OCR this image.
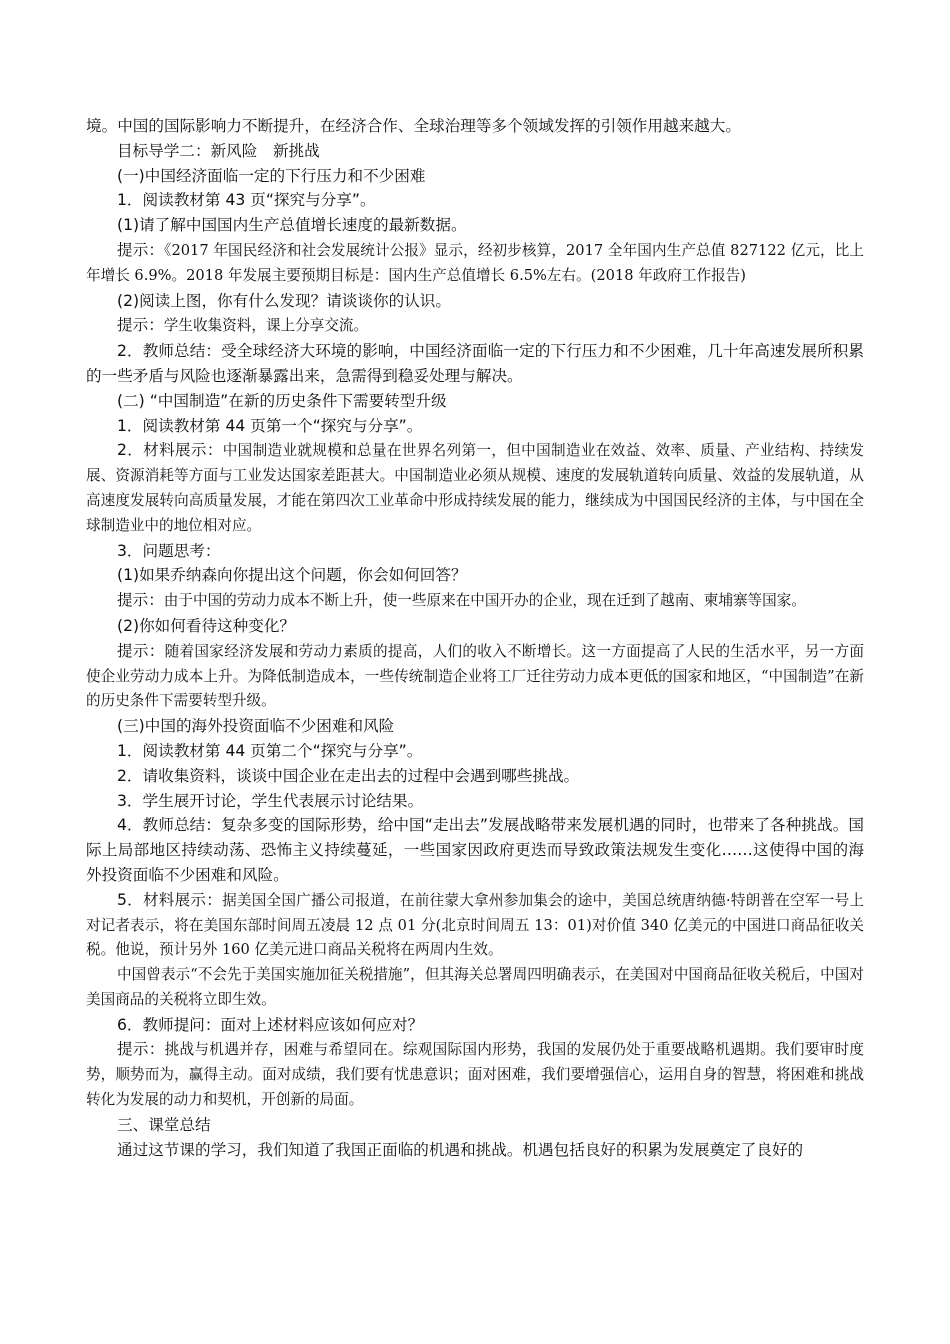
境。中国的国际影响力不断提升，在经济合作、全球治理等多个领域发挥的引领作用越来越大。

目标导学二：新风险　新挑战

(一)中国经济面临一定的下行压力和不少困难

1．阅读教材第 43 页“探究与分享”。

(1)请了解中国国内生产总值增长速度的最新数据。

提示：《2017 年国民经济和社会发展统计公报》显示，经初步核算，2017 全年国内生产总值 827122 亿元，比上年增长 6.9%。2018 年发展主要预期目标是：国内生产总值增长 6.5%左右。(2018 年政府工作报告)

(2)阅读上图，你有什么发现？请谈谈你的认识。

提示：学生收集资料，课上分享交流。

2．教师总结：受全球经济大环境的影响，中国经济面临一定的下行压力和不少困难，几十年高速发展所积累的一些矛盾与风险也逐渐暴露出来，急需得到稳妥处理与解决。

(二) “中国制造”在新的历史条件下需要转型升级

1．阅读教材第 44 页第一个“探究与分享”。

2．材料展示：中国制造业就规模和总量在世界名列第一，但中国制造业在效益、效率、质量、产业结构、持续发展、资源消耗等方面与工业发达国家差距甚大。中国制造业必须从规模、速度的发展轨道转向质量、效益的发展轨道，从高速度发展转向高质量发展，才能在第四次工业革命中形成持续发展的能力，继续成为中国国民经济的主体，与中国在全球制造业中的地位相对应。

3．问题思考：

(1)如果乔纳森向你提出这个问题，你会如何回答？

提示：由于中国的劳动力成本不断上升，使一些原来在中国开办的企业，现在迁到了越南、柬埔寨等国家。

(2)你如何看待这种变化？

提示：随着国家经济发展和劳动力素质的提高，人们的收入不断增长。这一方面提高了人民的生活水平，另一方面使企业劳动力成本上升。为降低制造成本，一些传统制造企业将工厂迁往劳动力成本更低的国家和地区，“中国制造”在新的历史条件下需要转型升级。

(三)中国的海外投资面临不少困难和风险

1．阅读教材第 44 页第二个“探究与分享”。

2．请收集资料，谈谈中国企业在走出去的过程中会遇到哪些挑战。

3．学生展开讨论，学生代表展示讨论结果。

4．教师总结：复杂多变的国际形势，给中国“走出去”发展战略带来发展机遇的同时，也带来了各种挑战。国际上局部地区持续动荡、恐怖主义持续蔓延，一些国家因政府更迭而导致政策法规发生变化……这使得中国的海外投资面临不少困难和风险。

5．材料展示：据美国全国广播公司报道，在前往蒙大拿州参加集会的途中，美国总统唐纳德·特朗普在空军一号上对记者表示，将在美国东部时间周五凌晨 12 点 01 分(北京时间周五 13：01)对价值 340 亿美元的中国进口商品征收关税。他说，预计另外 160 亿美元进口商品关税将在两周内生效。

中国曾表示“不会先于美国实施加征关税措施”，但其海关总署周四明确表示，在美国对中国商品征收关税后，中国对美国商品的关税将立即生效。

6．教师提问：面对上述材料应该如何应对？

提示：挑战与机遇并存，困难与希望同在。综观国际国内形势，我国的发展仍处于重要战略机遇期。我们要审时度势，顺势而为，赢得主动。面对成绩，我们要有忧患意识；面对困难，我们要增强信心，运用自身的智慧，将困难和挑战转化为发展的动力和契机，开创新的局面。

三、课堂总结

通过这节课的学习，我们知道了我国正面临的机遇和挑战。机遇包括良好的积累为发展奠定了良好的
